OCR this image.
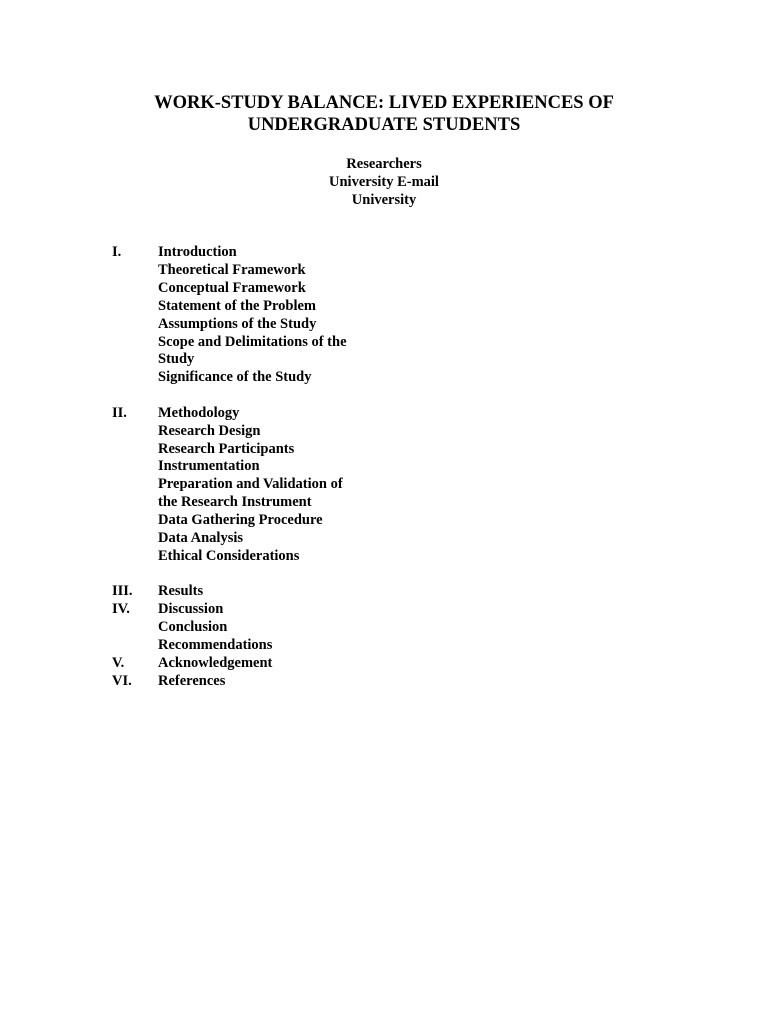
WORK-STUDY BALANCE: LIVED EXPERIENCES OF
UNDERGRADUATE STUDENTS
Researchers
University E-mail
University
I.	Introduction
Theoretical Framework
Conceptual Framework
Statement of the Problem
Assumptions of the Study
Scope and Delimitations of the
Study
Significance of the Study
II.	Methodology
Research Design
Research Participants
Instrumentation
Preparation and Validation of
the Research Instrument
Data Gathering Procedure
Data Analysis
Ethical Considerations
III.	Results
IV.	Discussion
Conclusion
Recommendations
V.	Acknowledgement
VI.	References
